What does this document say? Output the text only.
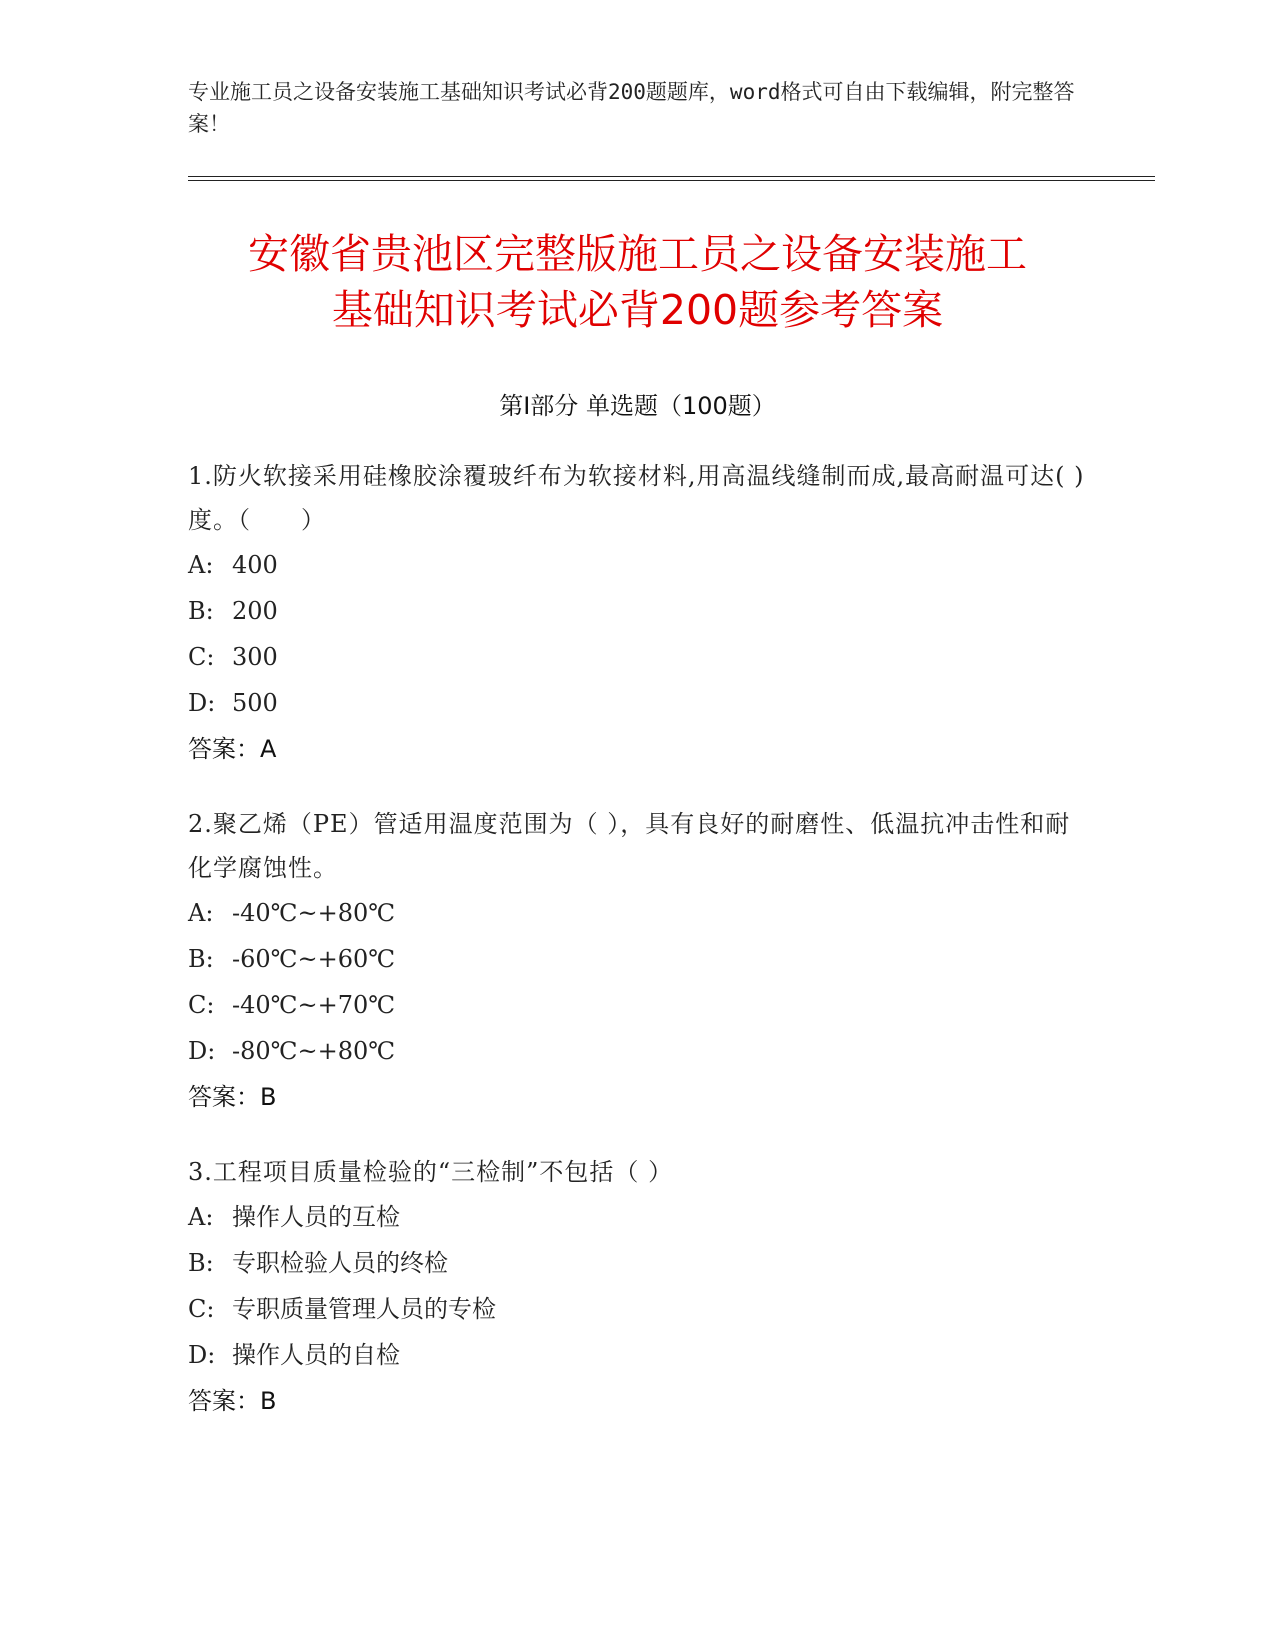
专业施工员之设备安装施工基础知识考试必背200题题库，word格式可自由下载编辑，附完整答案！
安徽省贵池区完整版施工员之设备安装施工
基础知识考试必背200题参考答案
第Ⅰ部分 单选题（100题）
1.防火软接采用硅橡胶涂覆玻纤布为软接材料,用高温线缝制而成,最高耐温可达( )度。（　　）
A: 400
B: 200
C: 300
D: 500
答案：A
2.聚乙烯（PE）管适用温度范围为（ ），具有良好的耐磨性、低温抗冲击性和耐化学腐蚀性。
A: -40℃~+80℃
B: -60℃~+60℃
C: -40℃~+70℃
D: -80℃~+80℃
答案：B
3.工程项目质量检验的“三检制”不包括（ ）
A: 操作人员的互检
B: 专职检验人员的终检
C: 专职质量管理人员的专检
D: 操作人员的自检
答案：B
